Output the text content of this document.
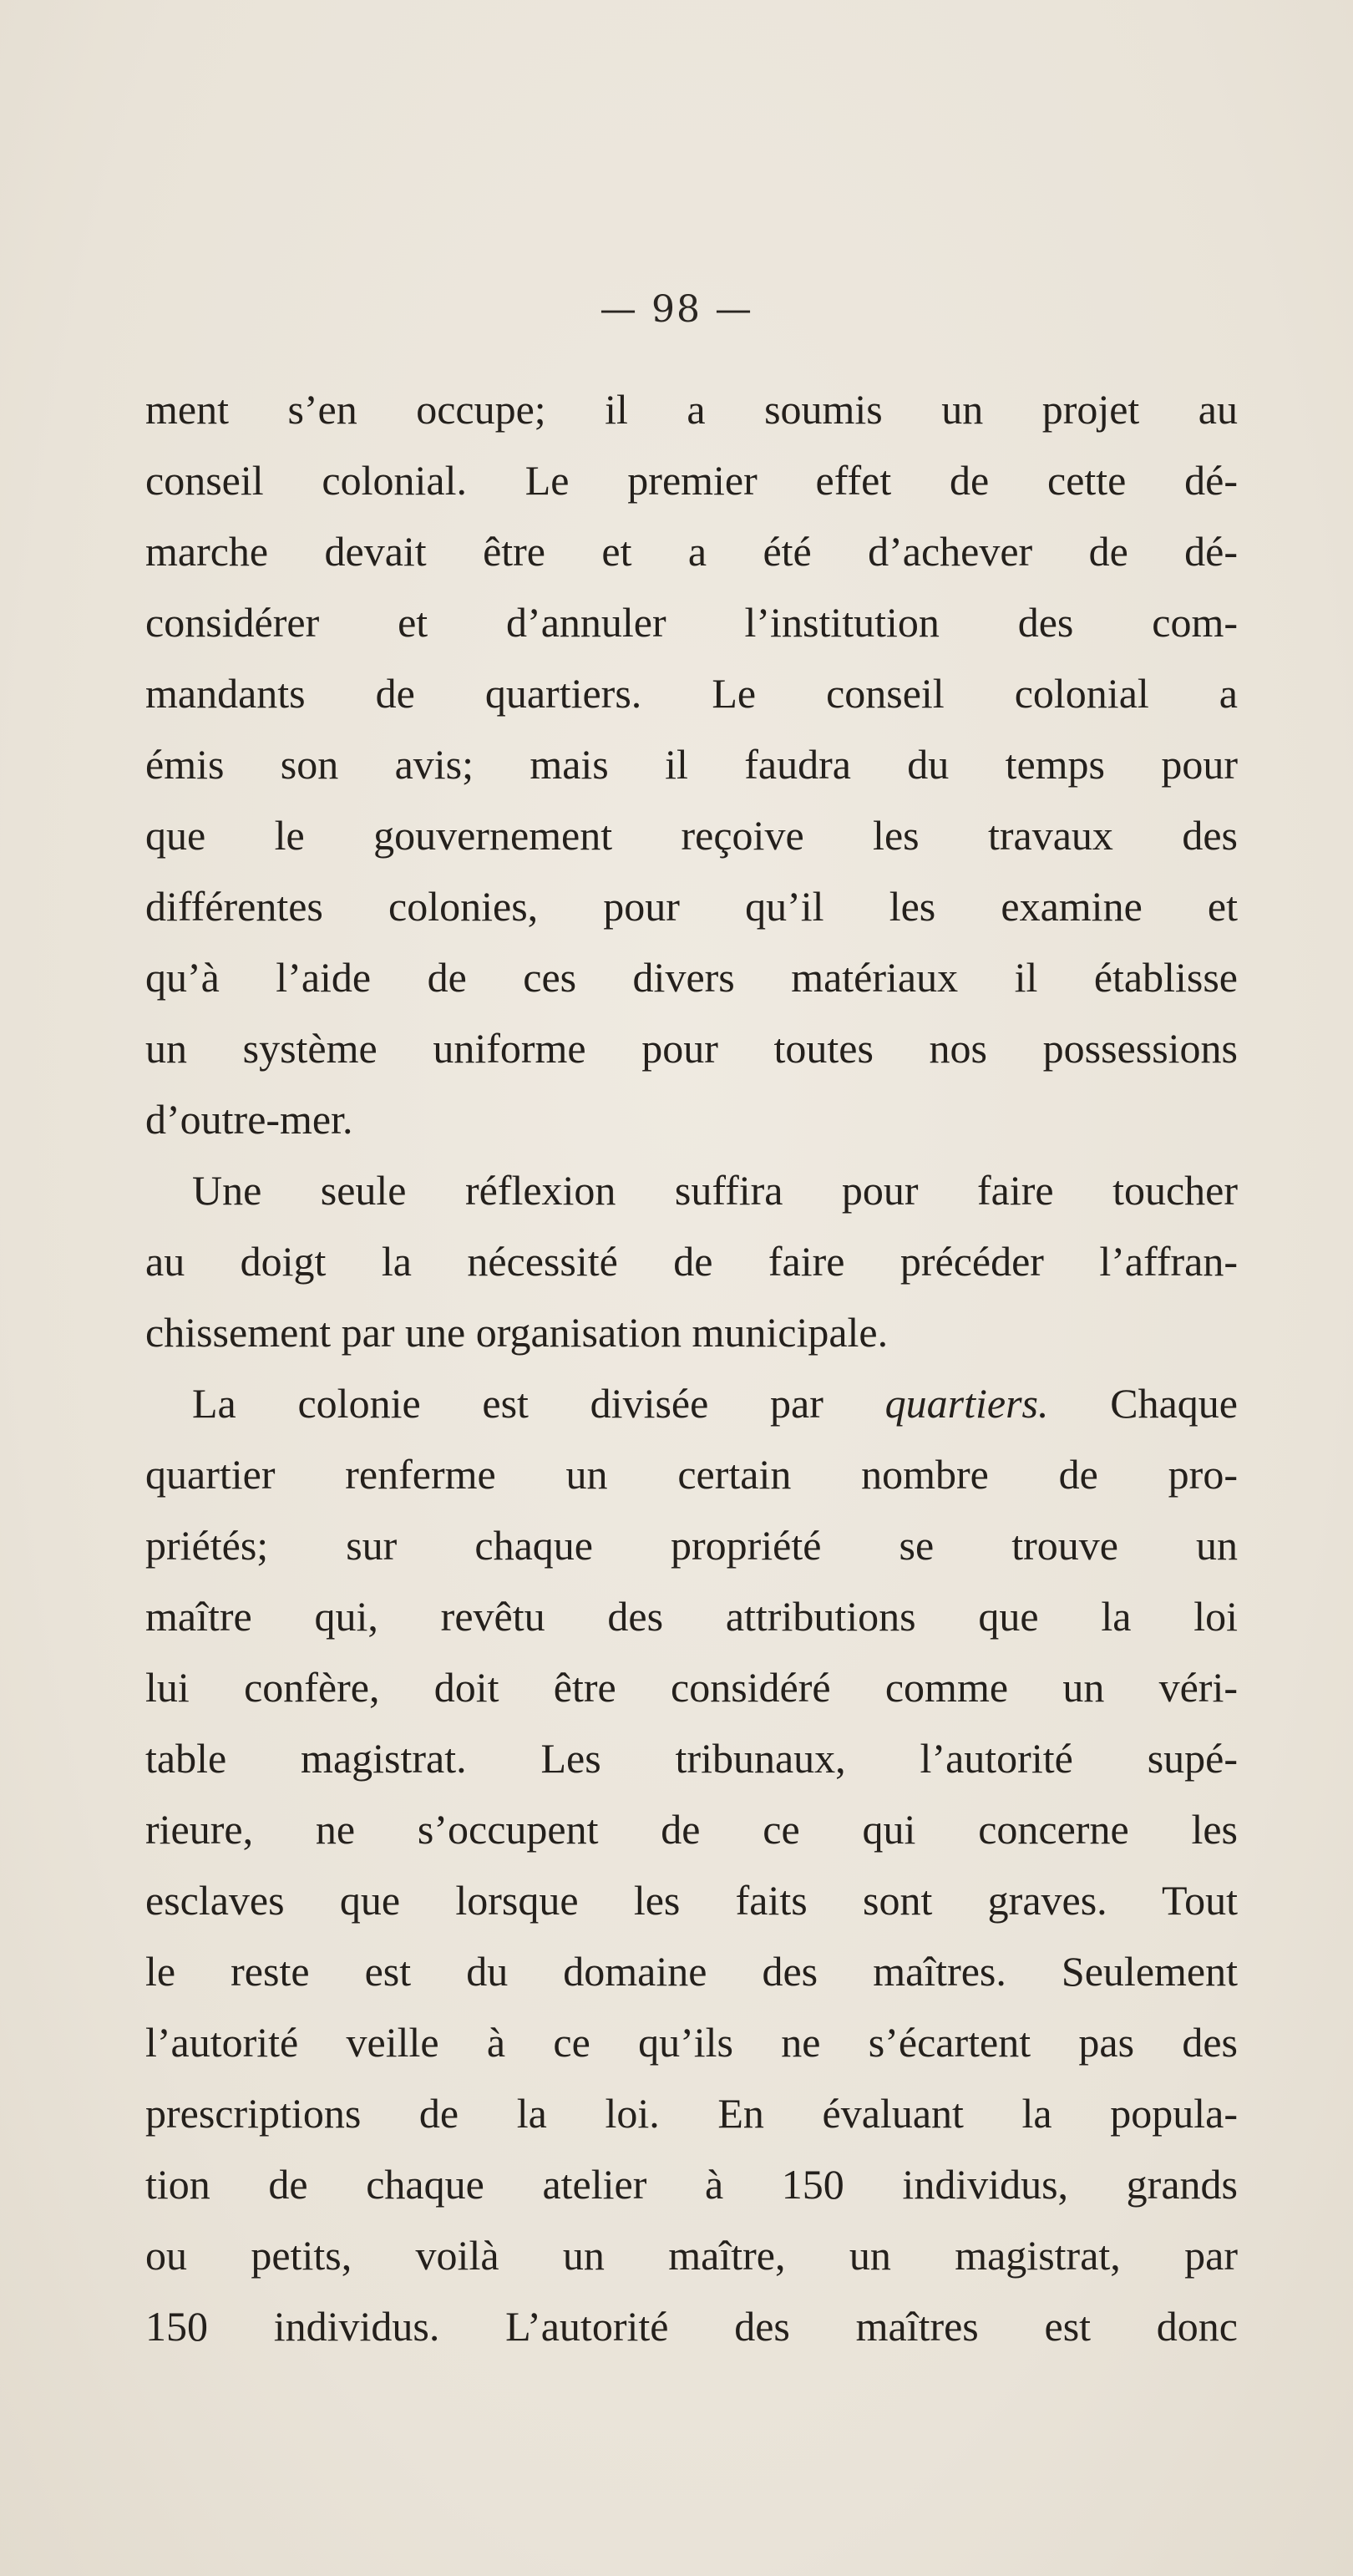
— 98 —
ment s’en occupe; il a soumis un projet au
conseil colonial. Le premier effet de cette dé-
marche devait être et a été d’achever de dé-
considérer et d’annuler l’institution des com-
mandants de quartiers. Le conseil colonial a
émis son avis; mais il faudra du temps pour
que le gouvernement reçoive les travaux des
différentes colonies, pour qu’il les examine et
qu’à l’aide de ces divers matériaux il établisse
un système uniforme pour toutes nos possessions
d’outre-mer.
Une seule réflexion suffira pour faire toucher
au doigt la nécessité de faire précéder l’affran-
chissement par une organisation municipale.
La colonie est divisée par quartiers. Chaque
quartier renferme un certain nombre de pro-
priétés; sur chaque propriété se trouve un
maître qui, revêtu des attributions que la loi
lui confère, doit être considéré comme un véri-
table magistrat. Les tribunaux, l’autorité supé-
rieure, ne s’occupent de ce qui concerne les
esclaves que lorsque les faits sont graves. Tout
le reste est du domaine des maîtres. Seulement
l’autorité veille à ce qu’ils ne s’écartent pas des
prescriptions de la loi. En évaluant la popula-
tion de chaque atelier à 150 individus, grands
ou petits, voilà un maître, un magistrat, par
150 individus. L’autorité des maîtres est donc
